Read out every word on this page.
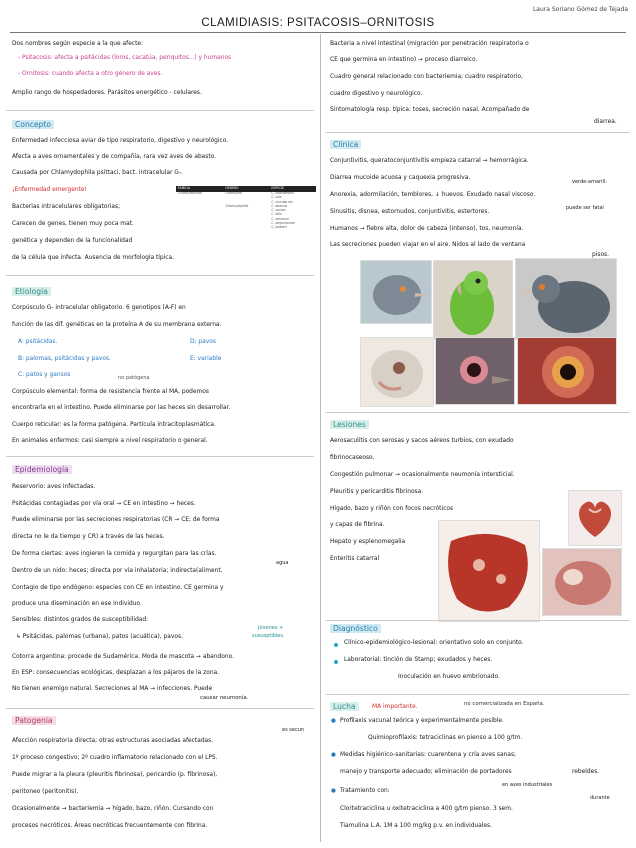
Laura Soriano Gómez de Tejada
CLAMIDIASIS: PSITACOSIS–ORNITOSIS
Dos nombres según especie a la que afecte:
- Psitacosis: afecta a psitácidas (loros, cacatúa, periquitos...) y humanos
- Ornitosis: cuando afecta a otro género de aves.
Amplio rango de hospedadores. Parásitos energético - celulares.
Concepto
Enfermedad infecciosa aviar de tipo respiratorio, digestivo y neurológico.
Afecta a aves ornamentales y de compañía, rara vez aves de abasto.
Causada por Chlamydophila psittaci, bact. intracelular G-.
¡Enfermedad emergente!
Bacterias intracelulares obligatorias;
Carecen de genes, tienen muy poca mat.
genética y dependen de la funcionalidad
de la célula que infecta. Ausencia de morfología típica.
FAMILIA	GÉNERO	ESPECIE
Chlamydiaceae	Chlamydia	C. trachomatis
		C. suis
		C. muridarum
	Chlamydophila	C. abortus
		C. caviae
		C. felis
		C. pecorum
		C. pneumoniae
		C. psittaci
Etiología
Corpúsculo G- intracelular obligatorio. 6 genotipos (A-F) en
función de las dif. genéticas en la proteína A de su membrana externa.
A: psitácidas.	D: pavos
B: palomas, psitácidas y pavos.	E: variable
C: patos y gansos	no patógena
Corpúsculo elemental: forma de resistencia frente al MA, podemos
encontrarla en el intestino. Puede eliminarse por las heces sin desarrollar.
Cuerpo reticular: es la forma patógena. Partícula intracitoplasmática.
En animales enfermos: casi siempre a nivel respiratorio o general.
Epidemiología
Reservorio: aves infectadas.
Psitácidas contagiadas por vía oral → CE en intestino → heces.
Puede eliminarse por las secreciones respiratorias (CR → CE; de forma
directa no le da tiempo y CR) a través de las heces.
De forma ciertas: aves ingieren la comida y regurgitan para las crías.
Dentro de un nido: heces; directa por vía inhalatoria; indirecta(aliment.
agua
Contagio de tipo endógeno: especies con CE en intestino. CE germina y
produce una diseminación en ese individuo.
Sensibles: distintos grados de susceptibilidad:
↳ Psitácidas, palomas (urbana), patos (acuática), pavos.
Jóvenes +
susceptibles.
Cotorra argentina: procede de Sudamérica. Moda de mascota → abandono.
En ESP: consecuencias ecológicas, desplazan a los pájaros de la zona.
No tienen enemigo natural. Secreciones al MA → infecciones. Puede
causar neumonía.
Patogenia
Afección respiratoria directa; otras estructuras asociadas afectadas.
es secun
1º proceso congestivo; 2º cuadro inflamatorio relacionado con el LPS.
Puede migrar a la pleura (pleuritis fibrinosa), pericardio (p. fibrinosa),
peritoneo (peritonitis).
Ocasionalmente → bacteriemia → hígado, bazo, riñón. Cursando con
procesos necróticos. Áreas necróticas frecuentemente con fibrina.
Bacteria a nivel intestinal (migración por penetración respiratoria o
CE que germina en intestino) → proceso diarreico.
Cuadro general relacionado con bacteriemia; cuadro respiratorio,
cuadro digestivo y neurológico.
Sintomatología resp. típica: toses, secreción nasal. Acompañado de
diarrea.
Clínica
Conjuntivitis, queratoconjuntivitis empieza catarral → hemorrágica.
Diarrea mucoide acuosa y caquexia progresiva.
verde-amarill.
Anorexia, adormilación, temblores, ↓ huevos. Exudado nasal viscoso.
Sinusitis, disnea, estornudos, conjuntivitis, estertores.
puede ser fatal
Humanos → fiebre alta, dolor de cabeza (intenso), tos, neumonía.
Las secreciones pueden viajar en el aire. Nidos al lado de ventana
pisos.
Lesiones
Aerosaculitis con serosas y sacos aéreos turbios, con exudado
fibrinocaseoso.
Congestión pulmonar → ocasionalmente neumonía intersticial.
Pleuritis y pericarditis fibrinosa.
Hígado, bazo y riñón con focos necróticos
y capas de fibrina.
Hepato y esplenomegalia
Enteritis catarral
Diagnóstico
Clínico-epidemiológico-lesional: orientativo solo en conjunto.
Laboratorial: tinción de Stamp; exudados y heces.
Inoculación en huevo embrionado.
Lucha	MA importante.	no comercializada en España.
● Profilaxis vacunal teórica y experimentalmente posible.
Quimioprofilaxis: tetraciclinas en pienso a 100 g/tm.
● Medidas higiénico-sanitarias: cuarentena y cría aves sanas;
manejo y transporte adecuado; eliminación de portadores	rebeldes.
en aves industriales
● Tratamiento con:
durante
Clortetraciclina u oxitetraciclina a 400 g/tm pienso. 3 sem.
Tiamulina L.A. 1M a 100 mg/kg p.v. en individuales.
